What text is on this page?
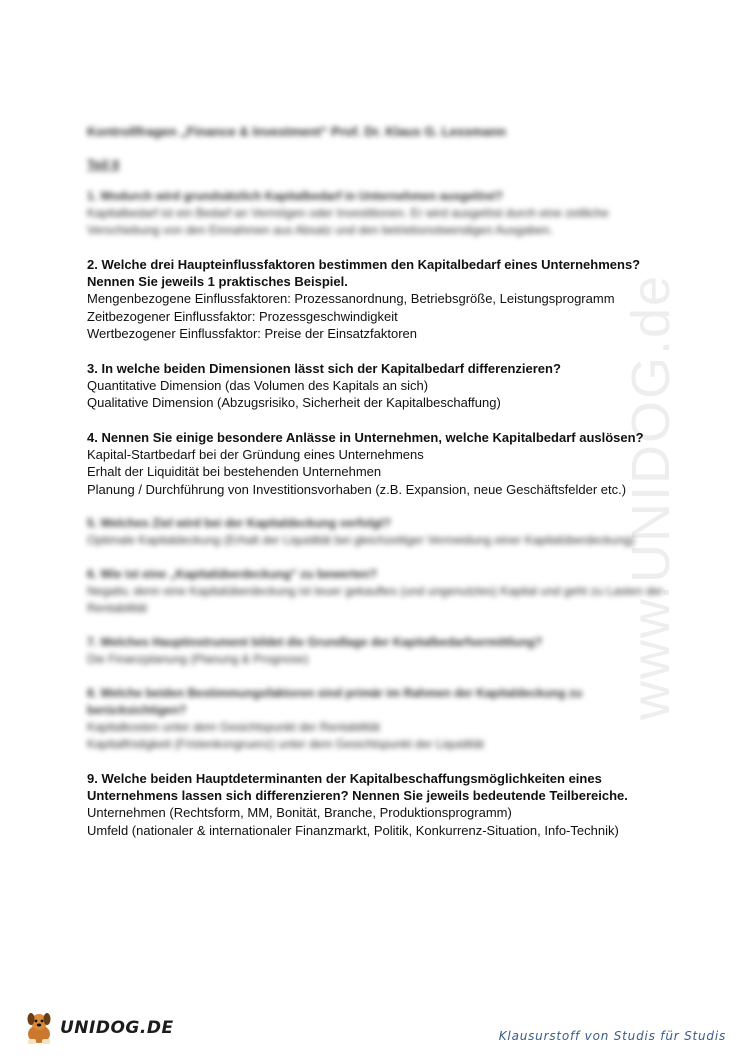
www.UNIDOG.de
Kontrollfragen „Finance & Investment“ Prof. Dr. Klaus G. Lessmann
Teil II
1. Wodurch wird grundsätzlich Kapitalbedarf in Unternehmen ausgelöst?
Kapitalbedarf ist ein Bedarf an Vermögen oder Investitionen. Er wird ausgelöst durch eine zeitliche Verschiebung von den Einnahmen aus Absatz und den betriebsnotwendigen Ausgaben.
2. Welche drei Haupteinflussfaktoren bestimmen den Kapitalbedarf eines Unternehmens? Nennen Sie jeweils 1 praktisches Beispiel.
Mengenbezogene Einflussfaktoren: Prozessanordnung, Betriebsgröße, Leistungsprogramm
Zeitbezogener Einflussfaktor: Prozessgeschwindigkeit
Wertbezogener Einflussfaktor: Preise der Einsatzfaktoren
3. In welche beiden Dimensionen lässt sich der Kapitalbedarf differenzieren?
Quantitative Dimension (das Volumen des Kapitals an sich)
Qualitative Dimension (Abzugsrisiko, Sicherheit der Kapitalbeschaffung)
4. Nennen Sie einige besondere Anlässe in Unternehmen, welche Kapitalbedarf auslösen?
Kapital-Startbedarf bei der Gründung eines Unternehmens
Erhalt der Liquidität bei bestehenden Unternehmen
Planung / Durchführung von Investitionsvorhaben (z.B. Expansion, neue Geschäftsfelder etc.)
5. Welches Ziel wird bei der Kapitaldeckung verfolgt?
Optimale Kapitaldeckung (Erhalt der Liquidität bei gleichzeitiger Vermeidung einer Kapitalüberdeckung)
6. Wie ist eine „Kapitalüberdeckung“ zu bewerten?
Negativ, denn eine Kapitalüberdeckung ist teuer gekauftes (und ungenutztes) Kapital und geht zu Lasten der Rentabilität
7. Welches Hauptinstrument bildet die Grundlage der Kapitalbedarfsermittlung?
Die Finanzplanung (Planung & Prognose)
8. Welche beiden Bestimmungsfaktoren sind primär im Rahmen der Kapitaldeckung zu berücksichtigen?
Kapitalkosten unter dem Gesichtspunkt der Rentabilität
Kapitalfristigkeit (Fristenkongruenz) unter dem Gesichtspunkt der Liquidität
9. Welche beiden Hauptdeterminanten der Kapitalbeschaffungsmöglichkeiten eines Unternehmens lassen sich differenzieren? Nennen Sie jeweils bedeutende Teilbereiche.
Unternehmen (Rechtsform, MM, Bonität, Branche, Produktionsprogramm)
Umfeld (nationaler & internationaler Finanzmarkt, Politik, Konkurrenz-Situation, Info-Technik)
UNIDOG.DE	Klausurstoff von Studis für Studis
